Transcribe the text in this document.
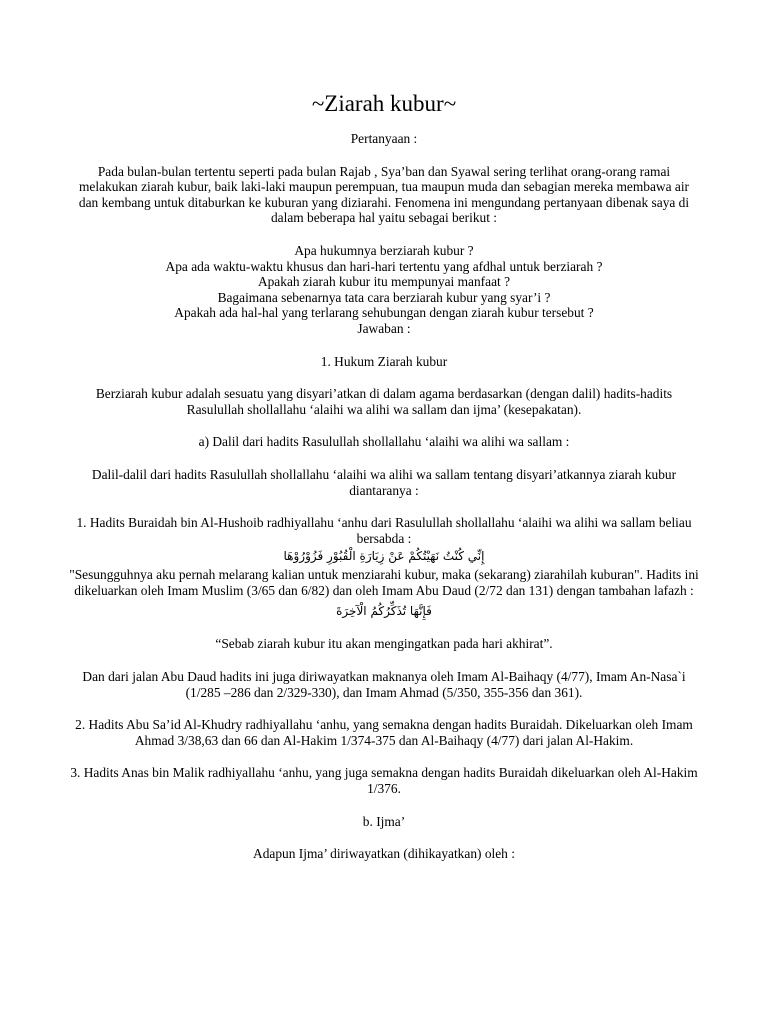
~Ziarah kubur~
Pertanyaan :
Pada bulan-bulan tertentu seperti pada bulan Rajab , Sya’ban dan Syawal sering terlihat orang-orang ramai melakukan ziarah kubur, baik laki-laki maupun perempuan, tua maupun muda dan sebagian mereka membawa air dan kembang untuk ditaburkan ke kuburan yang diziarahi. Fenomena ini mengundang pertanyaan dibenak saya di dalam beberapa hal yaitu sebagai berikut :
Apa hukumnya berziarah kubur ?
Apa ada waktu-waktu khusus dan hari-hari tertentu yang afdhal untuk berziarah ?
Apakah ziarah kubur itu mempunyai manfaat ?
Bagaimana sebenarnya tata cara berziarah kubur yang syar’i ?
Apakah ada hal-hal yang terlarang sehubungan dengan ziarah kubur tersebut ?
Jawaban :
1. Hukum Ziarah kubur
Berziarah kubur adalah sesuatu yang disyari’atkan di dalam agama berdasarkan (dengan dalil) hadits-hadits Rasulullah shollallahu ‘alaihi wa alihi wa sallam dan ijma’ (kesepakatan).
a) Dalil dari hadits Rasulullah shollallahu ‘alaihi wa alihi wa sallam :
Dalil-dalil dari hadits Rasulullah shollallahu ‘alaihi wa alihi wa sallam tentang disyari’atkannya ziarah kubur diantaranya :
1. Hadits Buraidah bin Al-Hushoib radhiyallahu ‘anhu dari Rasulullah shollallahu ‘alaihi wa alihi wa sallam beliau bersabda :
إِنِّي كُنْتُ نَهَيْتُكُمْ عَنْ زِيَارَةِ الْقُبُوْرِ فَزُوْرُوْهَا
"Sesungguhnya aku pernah melarang kalian untuk menziarahi kubur, maka (sekarang) ziarahilah kuburan". Hadits ini dikeluarkan oleh Imam Muslim (3/65 dan 6/82) dan oleh Imam Abu Daud (2/72 dan 131) dengan tambahan lafazh :
فَإِنَّهَا تُذَكِّرُكُمُ الْآخِرَةَ
“Sebab ziarah kubur itu akan mengingatkan pada hari akhirat”.
Dan dari jalan Abu Daud hadits ini juga diriwayatkan maknanya oleh Imam Al-Baihaqy (4/77), Imam An-Nasa`i (1/285 –286 dan 2/329-330), dan Imam Ahmad (5/350, 355-356 dan 361).
2. Hadits Abu Sa’id Al-Khudry radhiyallahu ‘anhu, yang semakna dengan hadits Buraidah. Dikeluarkan oleh Imam Ahmad 3/38,63 dan 66 dan Al-Hakim 1/374-375 dan Al-Baihaqy (4/77) dari jalan Al-Hakim.
3. Hadits Anas bin Malik radhiyallahu ‘anhu, yang juga semakna dengan hadits Buraidah dikeluarkan oleh Al-Hakim 1/376.
b. Ijma’
Adapun Ijma’ diriwayatkan (dihikayatkan) oleh :
